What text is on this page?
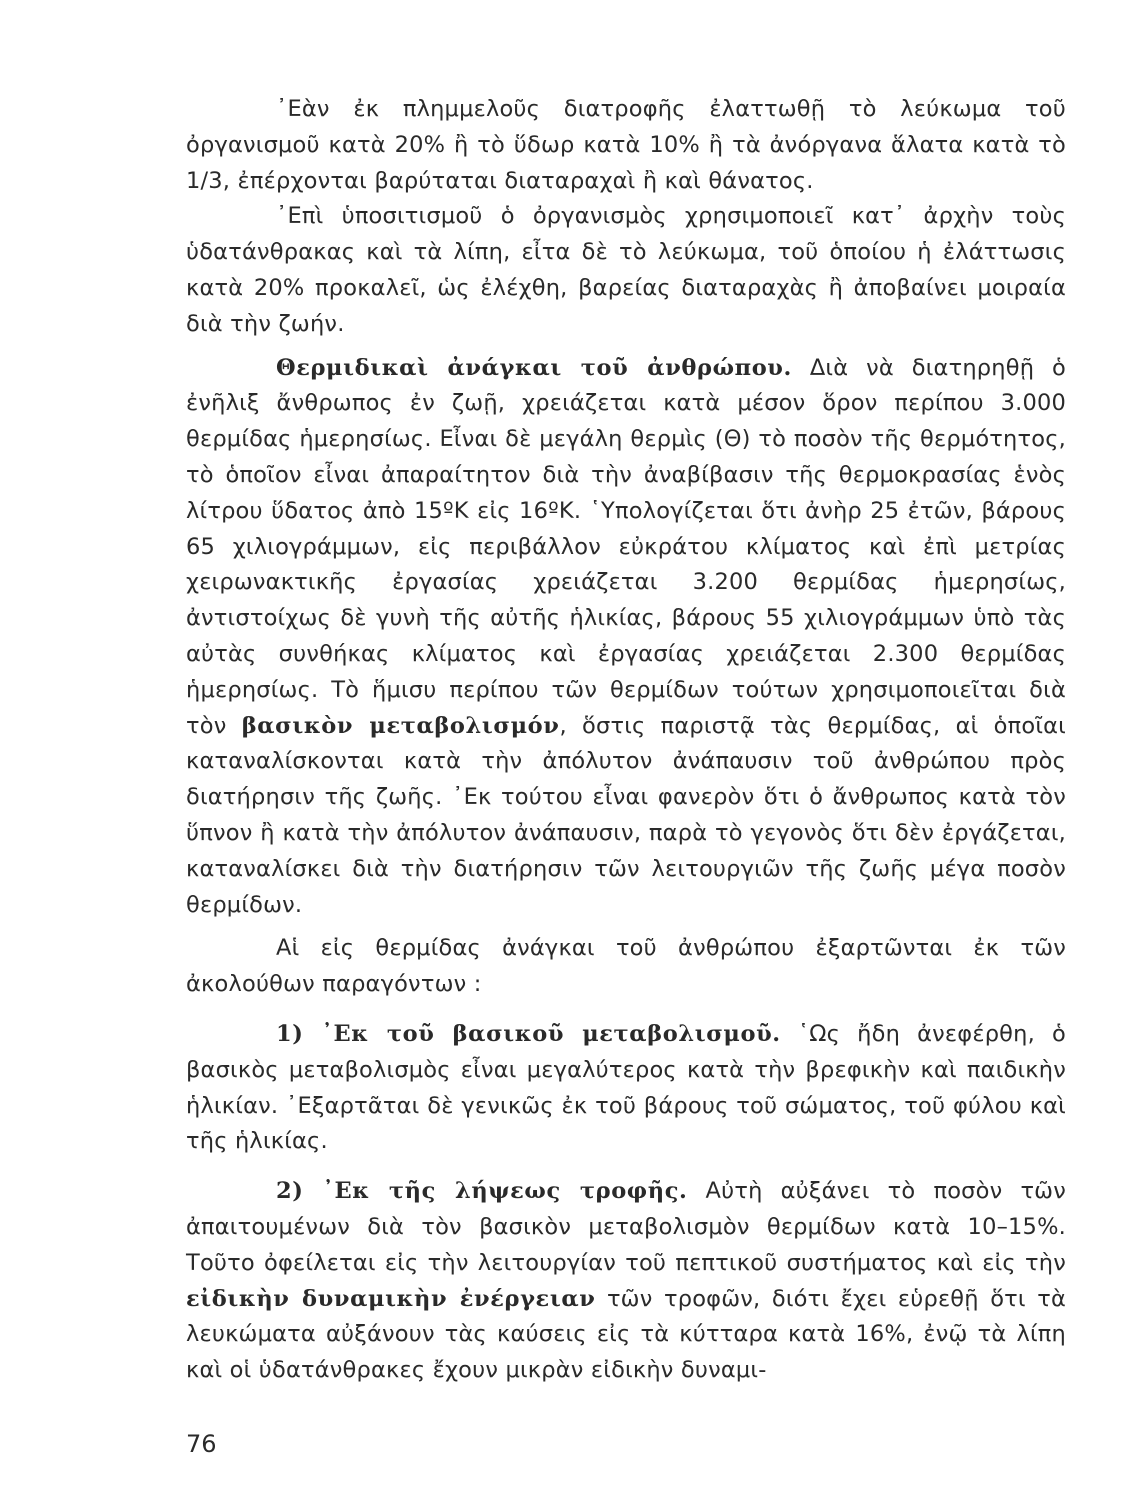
᾿Εὰν ἐκ πλημμελοῦς διατροφῆς ἐλαττωθῇ τὸ λεύκωμα τοῦ ὀργανισμοῦ κατὰ 20% ἢ τὸ ὕδωρ κατὰ 10% ἢ τὰ ἀνόργανα ἅλατα κατὰ τὸ 1/3, ἐπέρχονται βαρύταται διαταραχαὶ ἢ καὶ θάνατος.

᾿Επὶ ὑποσιτισμοῦ ὁ ὀργανισμὸς χρησιμοποιεῖ κατ᾿ ἀρχὴν τοὺς ὑδατάνθρακας καὶ τὰ λίπη, εἶτα δὲ τὸ λεύκωμα, τοῦ ὁποίου ἡ ἐλάττωσις κατὰ 20% προκαλεῖ, ὡς ἐλέχθη, βαρείας διαταραχὰς ἢ ἀποβαίνει μοιραία διὰ τὴν ζωήν.

Θερμιδικαὶ ἀνάγκαι τοῦ ἀνθρώπου. Διὰ νὰ διατηρηθῇ ὁ ἐνῆλιξ ἄνθρωπος ἐν ζωῇ, χρειάζεται κατὰ μέσον ὅρον περίπου 3.000 θερμίδας ἡμερησίως. Εἶναι δὲ μεγάλη θερμὶς (Θ) τὸ ποσὸν τῆς θερμότητος, τὸ ὁποῖον εἶναι ἀπαραίτητον διὰ τὴν ἀναβίβασιν τῆς θερμοκρασίας ἑνὸς λίτρου ὕδατος ἀπὸ 15ºΚ εἰς 16ºΚ. ῾Υπολογίζεται ὅτι ἀνὴρ 25 ἐτῶν, βάρους 65 χιλιογράμμων, εἰς περιβάλλον εὐκράτου κλίματος καὶ ἐπὶ μετρίας χειρωνακτικῆς ἐργασίας χρειάζεται 3.200 θερμίδας ἡμερησίως, ἀντιστοίχως δὲ γυνὴ τῆς αὐτῆς ἡλικίας, βάρους 55 χιλιογράμμων ὑπὸ τὰς αὐτὰς συνθήκας κλίματος καὶ ἐργασίας χρειάζεται 2.300 θερμίδας ἡμερησίως. Τὸ ἥμισυ περίπου τῶν θερμίδων τούτων χρησιμοποιεῖται διὰ τὸν βασικὸν μεταβολισμόν, ὅστις παριστᾷ τὰς θερμίδας, αἱ ὁποῖαι καταναλίσκονται κατὰ τὴν ἀπόλυτον ἀνάπαυσιν τοῦ ἀνθρώπου πρὸς διατήρησιν τῆς ζωῆς. ᾿Εκ τούτου εἶναι φανερὸν ὅτι ὁ ἄνθρωπος κατὰ τὸν ὕπνον ἢ κατὰ τὴν ἀπόλυτον ἀνάπαυσιν, παρὰ τὸ γεγονὸς ὅτι δὲν ἐργάζεται, καταναλίσκει διὰ τὴν διατήρησιν τῶν λειτουργιῶν τῆς ζωῆς μέγα ποσὸν θερμίδων.

Αἱ εἰς θερμίδας ἀνάγκαι τοῦ ἀνθρώπου ἐξαρτῶνται ἐκ τῶν ἀκολούθων παραγόντων :

1) ᾿Εκ τοῦ βασικοῦ μεταβολισμοῦ. ῾Ως ἤδη ἀνεφέρθη, ὁ βασικὸς μεταβολισμὸς εἶναι μεγαλύτερος κατὰ τὴν βρεφικὴν καὶ παιδικὴν ἡλικίαν. ᾿Εξαρτᾶται δὲ γενικῶς ἐκ τοῦ βάρους τοῦ σώματος, τοῦ φύλου καὶ τῆς ἡλικίας.

2) ᾿Εκ τῆς λήψεως τροφῆς. Αὐτὴ αὐξάνει τὸ ποσὸν τῶν ἀπαιτουμένων διὰ τὸν βασικὸν μεταβολισμὸν θερμίδων κατὰ 10–15%. Τοῦτο ὀφείλεται εἰς τὴν λειτουργίαν τοῦ πεπτικοῦ συστήματος καὶ εἰς τὴν εἰδικὴν δυναμικὴν ἐνέργειαν τῶν τροφῶν, διότι ἔχει εὑρεθῇ ὅτι τὰ λευκώματα αὐξάνουν τὰς καύσεις εἰς τὰ κύτταρα κατὰ 16%, ἐνῷ τὰ λίπη καὶ οἱ ὑδατάνθρακες ἔχουν μικρὰν εἰδικὴν δυναμι-

76
